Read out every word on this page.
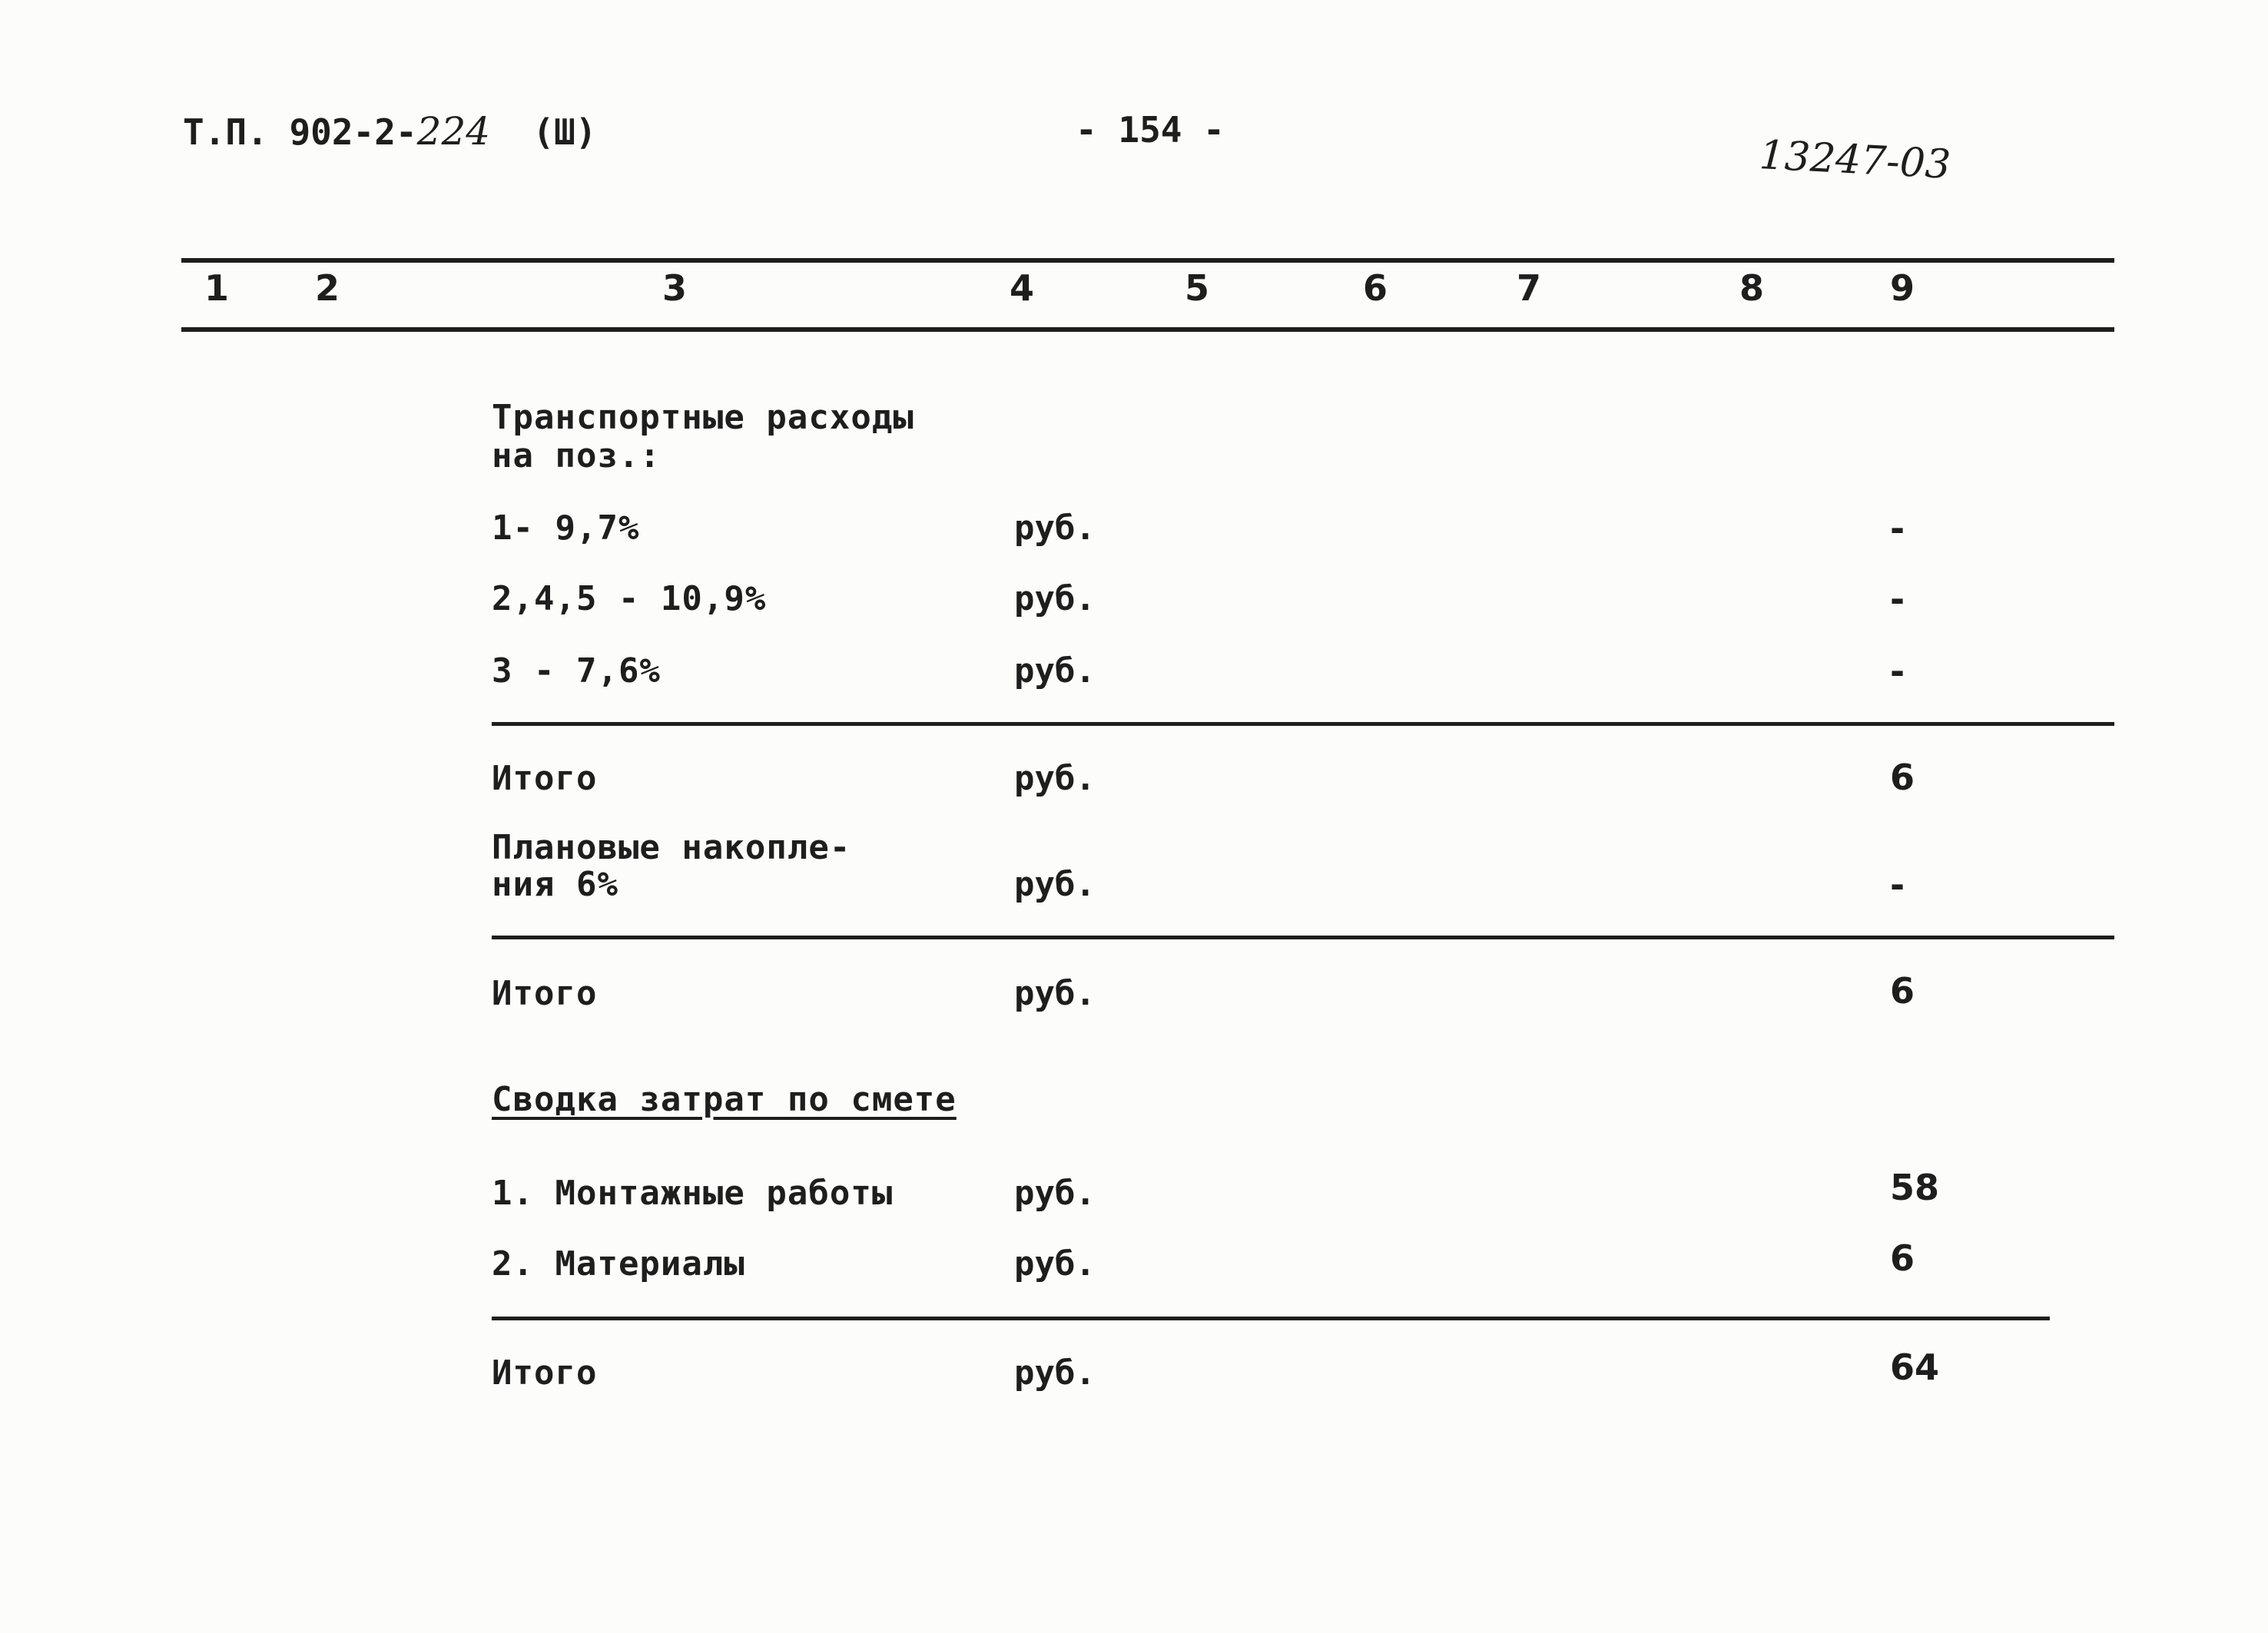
Т.П. 902-2-224 (Ш)	- 154 -
13247-03
1 2	3	4	5	6	7	8	9
Транспортные расходы
на поз.:
1- 9,7%	руб.	-
2,4,5 - 10,9%	руб.	-
3 - 7,6%	руб.	-
Итого	руб.	6
Плановые накопле-
ния 6%	руб.	-
Итого	руб.	6
Сводка затрат по смете
1. Монтажные работы	руб.	58
2. Материалы	руб.	6
Итого	руб.	64
